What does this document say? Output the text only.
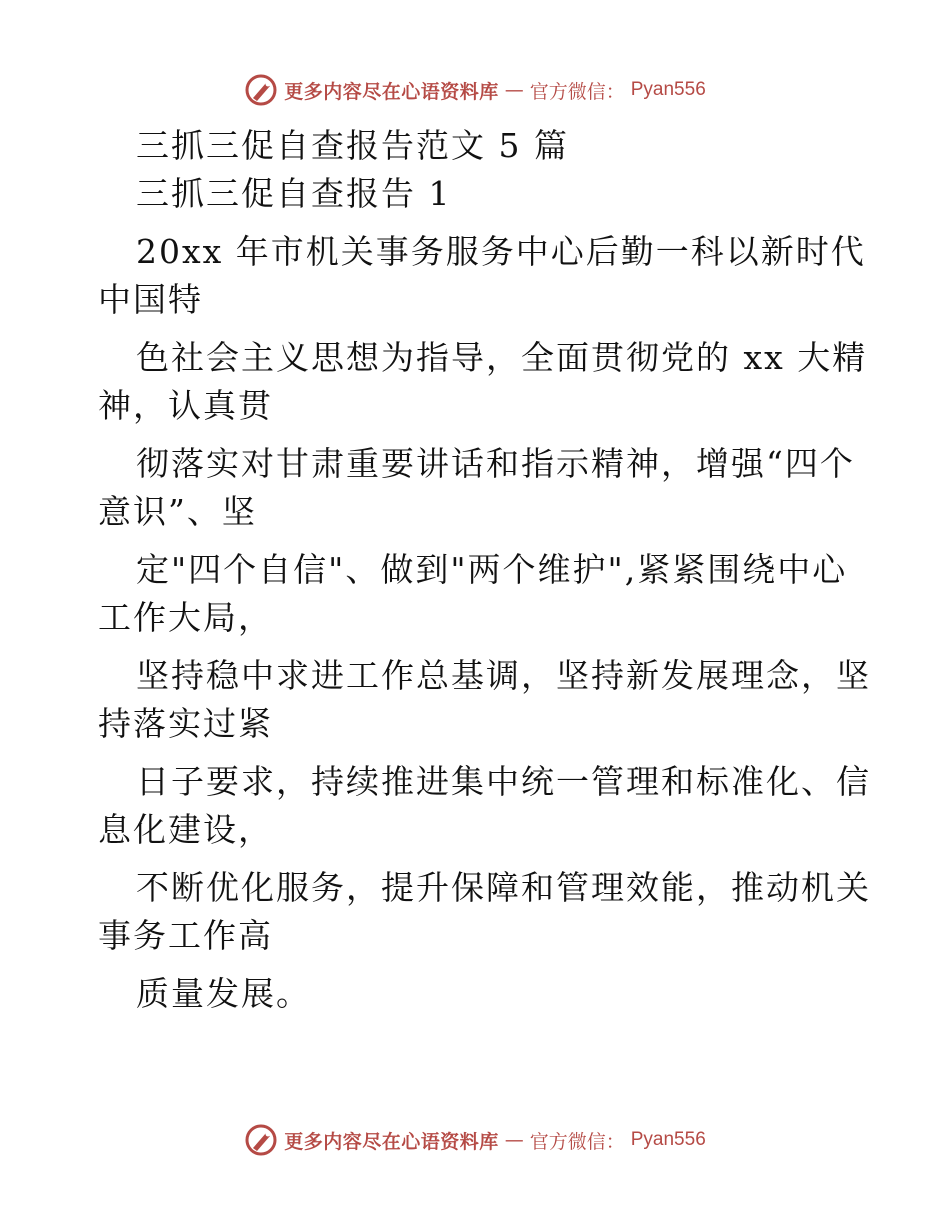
更多内容尽在心语资料库 — 官方微信： Pyan556

三抓三促自查报告范文 5 篇

三抓三促自查报告 1

20xx 年市机关事务服务中心后勤一科以新时代

中国特

色社会主义思想为指导，全面贯彻党的 xx 大精

神，认真贯

彻落实对甘肃重要讲话和指示精神，增强“四个

意识”、坚

定"四个自信"、做到"两个维护",紧紧围绕中心

工作大局，

坚持稳中求进工作总基调，坚持新发展理念，坚

持落实过紧

日子要求，持续推进集中统一管理和标准化、信

息化建设，

不断优化服务，提升保障和管理效能，推动机关

事务工作高

质量发展。

更多内容尽在心语资料库 — 官方微信： Pyan556
